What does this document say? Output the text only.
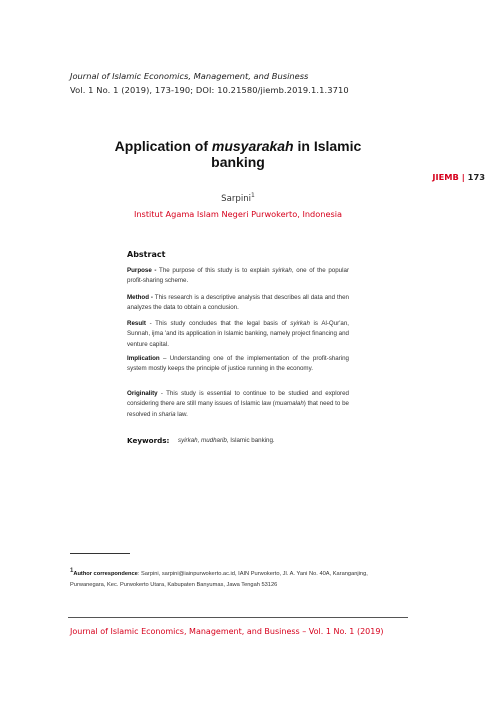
Journal of Islamic Economics, Management, and Business
Vol. 1 No. 1 (2019), 173-190; DOI: 10.21580/jiemb.2019.1.1.3710
Application of musyarakah in Islamic banking
JIEMB | 173
Sarpini$^1$
Institut Agama Islam Negeri Purwokerto, Indonesia
Abstract
Purpose - The purpose of this study is to explain syirkah, one of the popular profit-sharing scheme.
Method - This research is a descriptive analysis that describes all data and then analyzes the data to obtain a conclusion.
Result - This study concludes that the legal basis of syirkah is Al-Qur'an, Sunnah, ijma 'and its application in Islamic banking, namely project financing and venture capital.
Implication – Understanding one of the implementation of the profit-sharing system mostly keeps the principle of justice running in the economy.
Originality - This study is essential to continue to be studied and explored considering there are still many issues of Islamic law (muamalah) that need to be resolved in sharia law.
Keywords: syirkah, mudharib, Islamic banking.
$^1$Author correspondence: Sarpini, sarpini@iainpurwokerto.ac.id, IAIN Purwokerto, Jl. A. Yani No. 40A, Karanganjing,
Purwanegara, Kec. Purwokerto Utara, Kabupaten Banyumas, Jawa Tengah 53126
Journal of Islamic Economics, Management, and Business – Vol. 1 No. 1 (2019)
